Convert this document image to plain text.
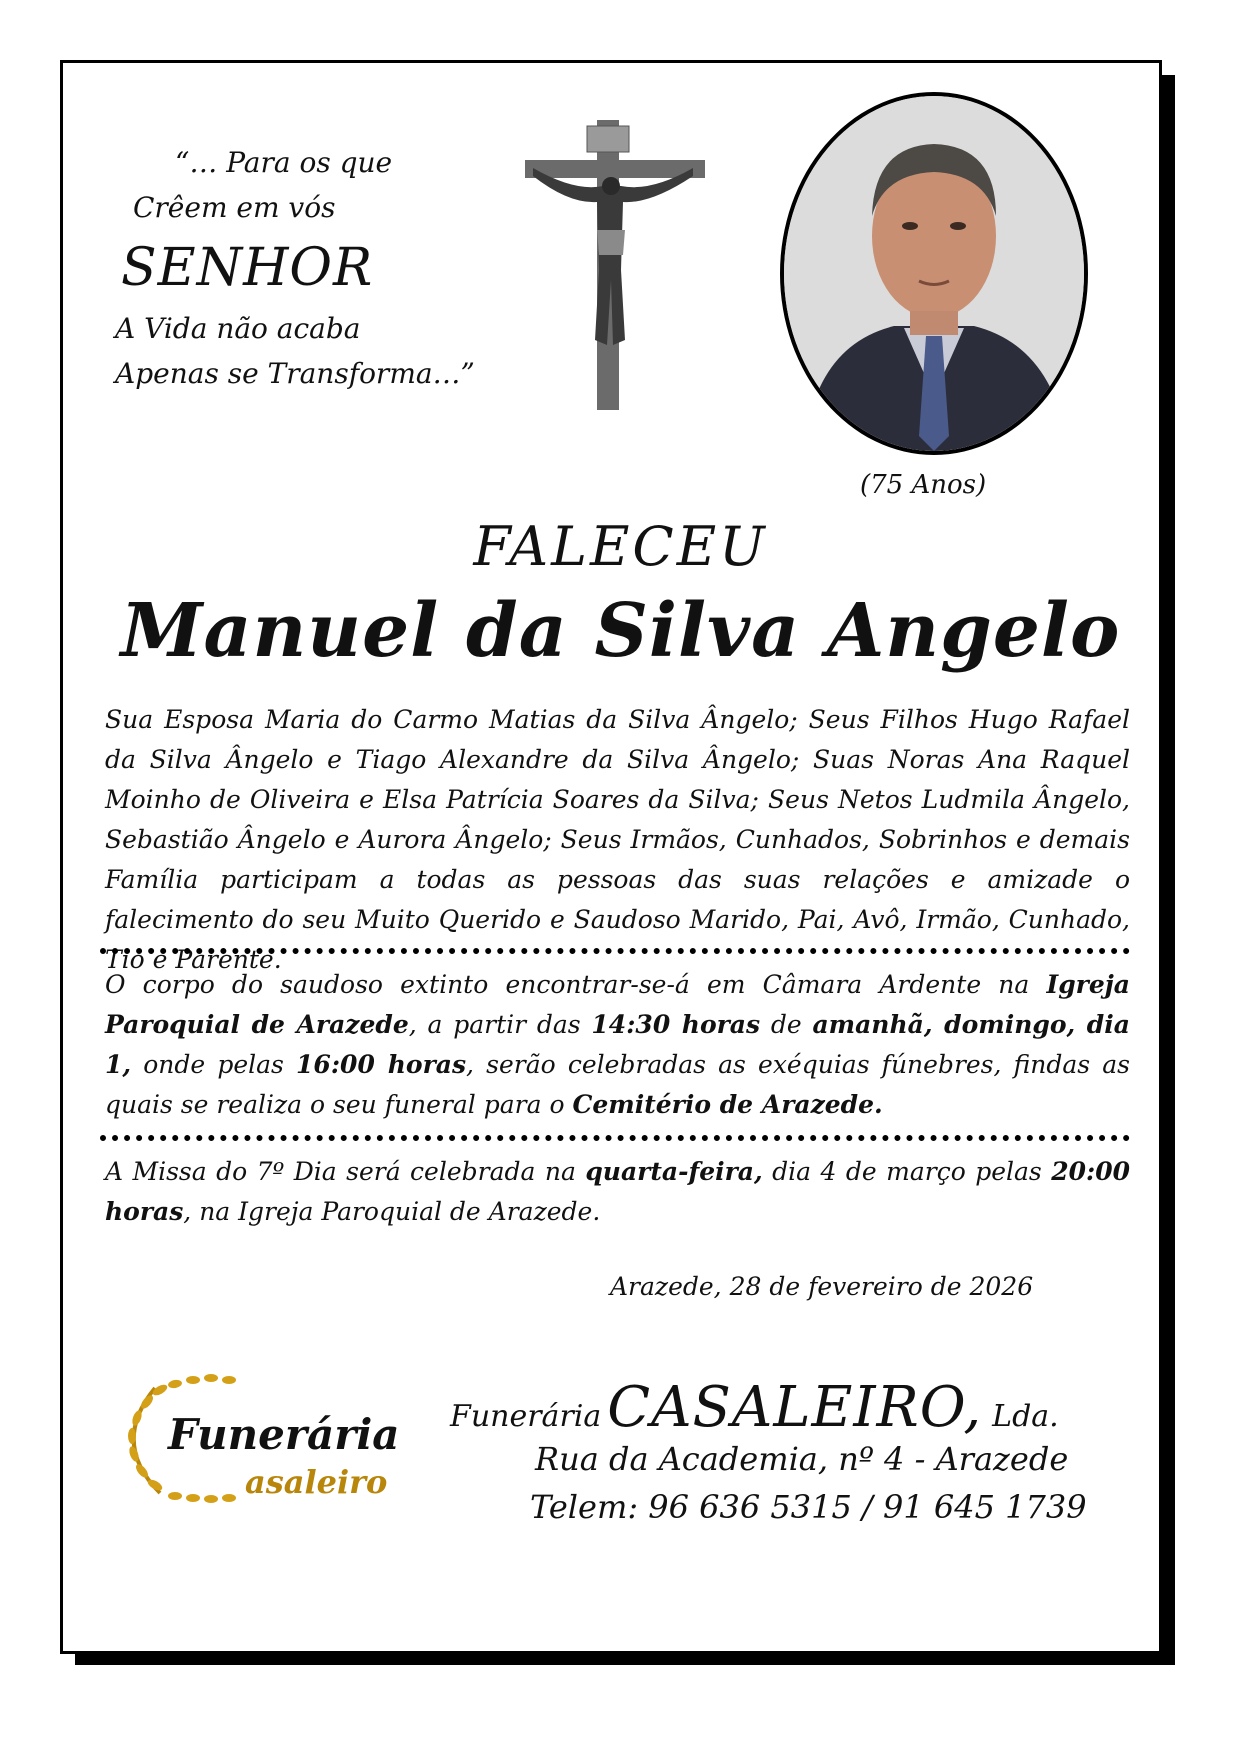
“… Para os que
Crêem em vós
SENHOR
A Vida não acaba
Apenas se Transforma…”
(75 Anos)
FALECEU
Manuel da Silva Angelo
Sua Esposa Maria do Carmo Matias da Silva Ângelo; Seus Filhos Hugo Rafael da Silva Ângelo e Tiago Alexandre da Silva Ângelo; Suas Noras Ana Raquel Moinho de Oliveira e Elsa Patrícia Soares da Silva; Seus Netos Ludmila Ângelo, Sebastião Ângelo e Aurora Ângelo; Seus Irmãos, Cunhados, Sobrinhos e demais Família participam a todas as pessoas das suas relações e amizade o falecimento do seu Muito Querido e Saudoso Marido, Pai, Avô, Irmão, Cunhado, Tio e Parente.
O corpo do saudoso extinto encontrar-se-á em Câmara Ardente na Igreja Paroquial de Arazede, a partir das 14:30 horas de amanhã, domingo, dia 1, onde pelas 16:00 horas, serão celebradas as exéquias fúnebres, findas as quais se realiza o seu funeral para o Cemitério de Arazede.
A Missa do 7º Dia será celebrada na quarta-feira, dia 4 de março pelas 20:00 horas, na Igreja Paroquial de Arazede.
Arazede, 28 de fevereiro de 2026
Funerária
asaleiro
Funerária CASALEIRO, Lda.
Rua da Academia, nº 4 - Arazede
Telem: 96 636 5315 / 91 645 1739
